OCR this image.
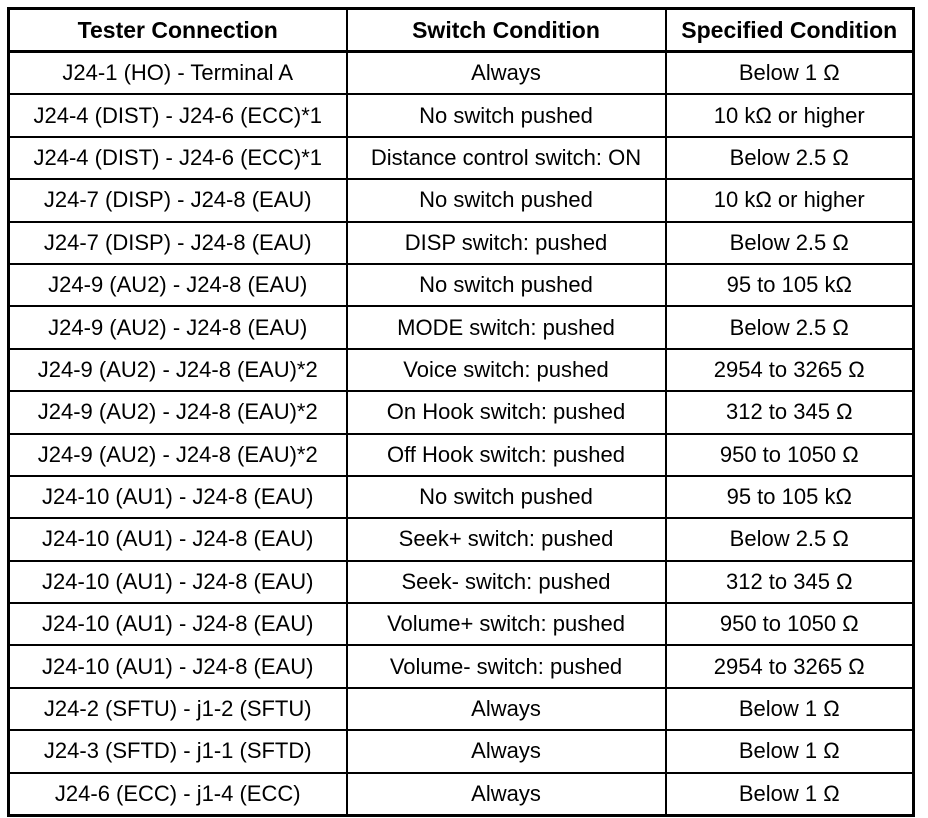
Tester Connection	Switch Condition	Specified Condition
J24-1 (HO) - Terminal A	Always	Below 1 Ω
J24-4 (DIST) - J24-6 (ECC)*1	No switch pushed	10 kΩ or higher
J24-4 (DIST) - J24-6 (ECC)*1	Distance control switch: ON	Below 2.5 Ω
J24-7 (DISP) - J24-8 (EAU)	No switch pushed	10 kΩ or higher
J24-7 (DISP) - J24-8 (EAU)	DISP switch: pushed	Below 2.5 Ω
J24-9 (AU2) - J24-8 (EAU)	No switch pushed	95 to 105 kΩ
J24-9 (AU2) - J24-8 (EAU)	MODE switch: pushed	Below 2.5 Ω
J24-9 (AU2) - J24-8 (EAU)*2	Voice switch: pushed	2954 to 3265 Ω
J24-9 (AU2) - J24-8 (EAU)*2	On Hook switch: pushed	312 to 345 Ω
J24-9 (AU2) - J24-8 (EAU)*2	Off Hook switch: pushed	950 to 1050 Ω
J24-10 (AU1) - J24-8 (EAU)	No switch pushed	95 to 105 kΩ
J24-10 (AU1) - J24-8 (EAU)	Seek+ switch: pushed	Below 2.5 Ω
J24-10 (AU1) - J24-8 (EAU)	Seek- switch: pushed	312 to 345 Ω
J24-10 (AU1) - J24-8 (EAU)	Volume+ switch: pushed	950 to 1050 Ω
J24-10 (AU1) - J24-8 (EAU)	Volume- switch: pushed	2954 to 3265 Ω
J24-2 (SFTU) - j1-2 (SFTU)	Always	Below 1 Ω
J24-3 (SFTD) - j1-1 (SFTD)	Always	Below 1 Ω
J24-6 (ECC) - j1-4 (ECC)	Always	Below 1 Ω
